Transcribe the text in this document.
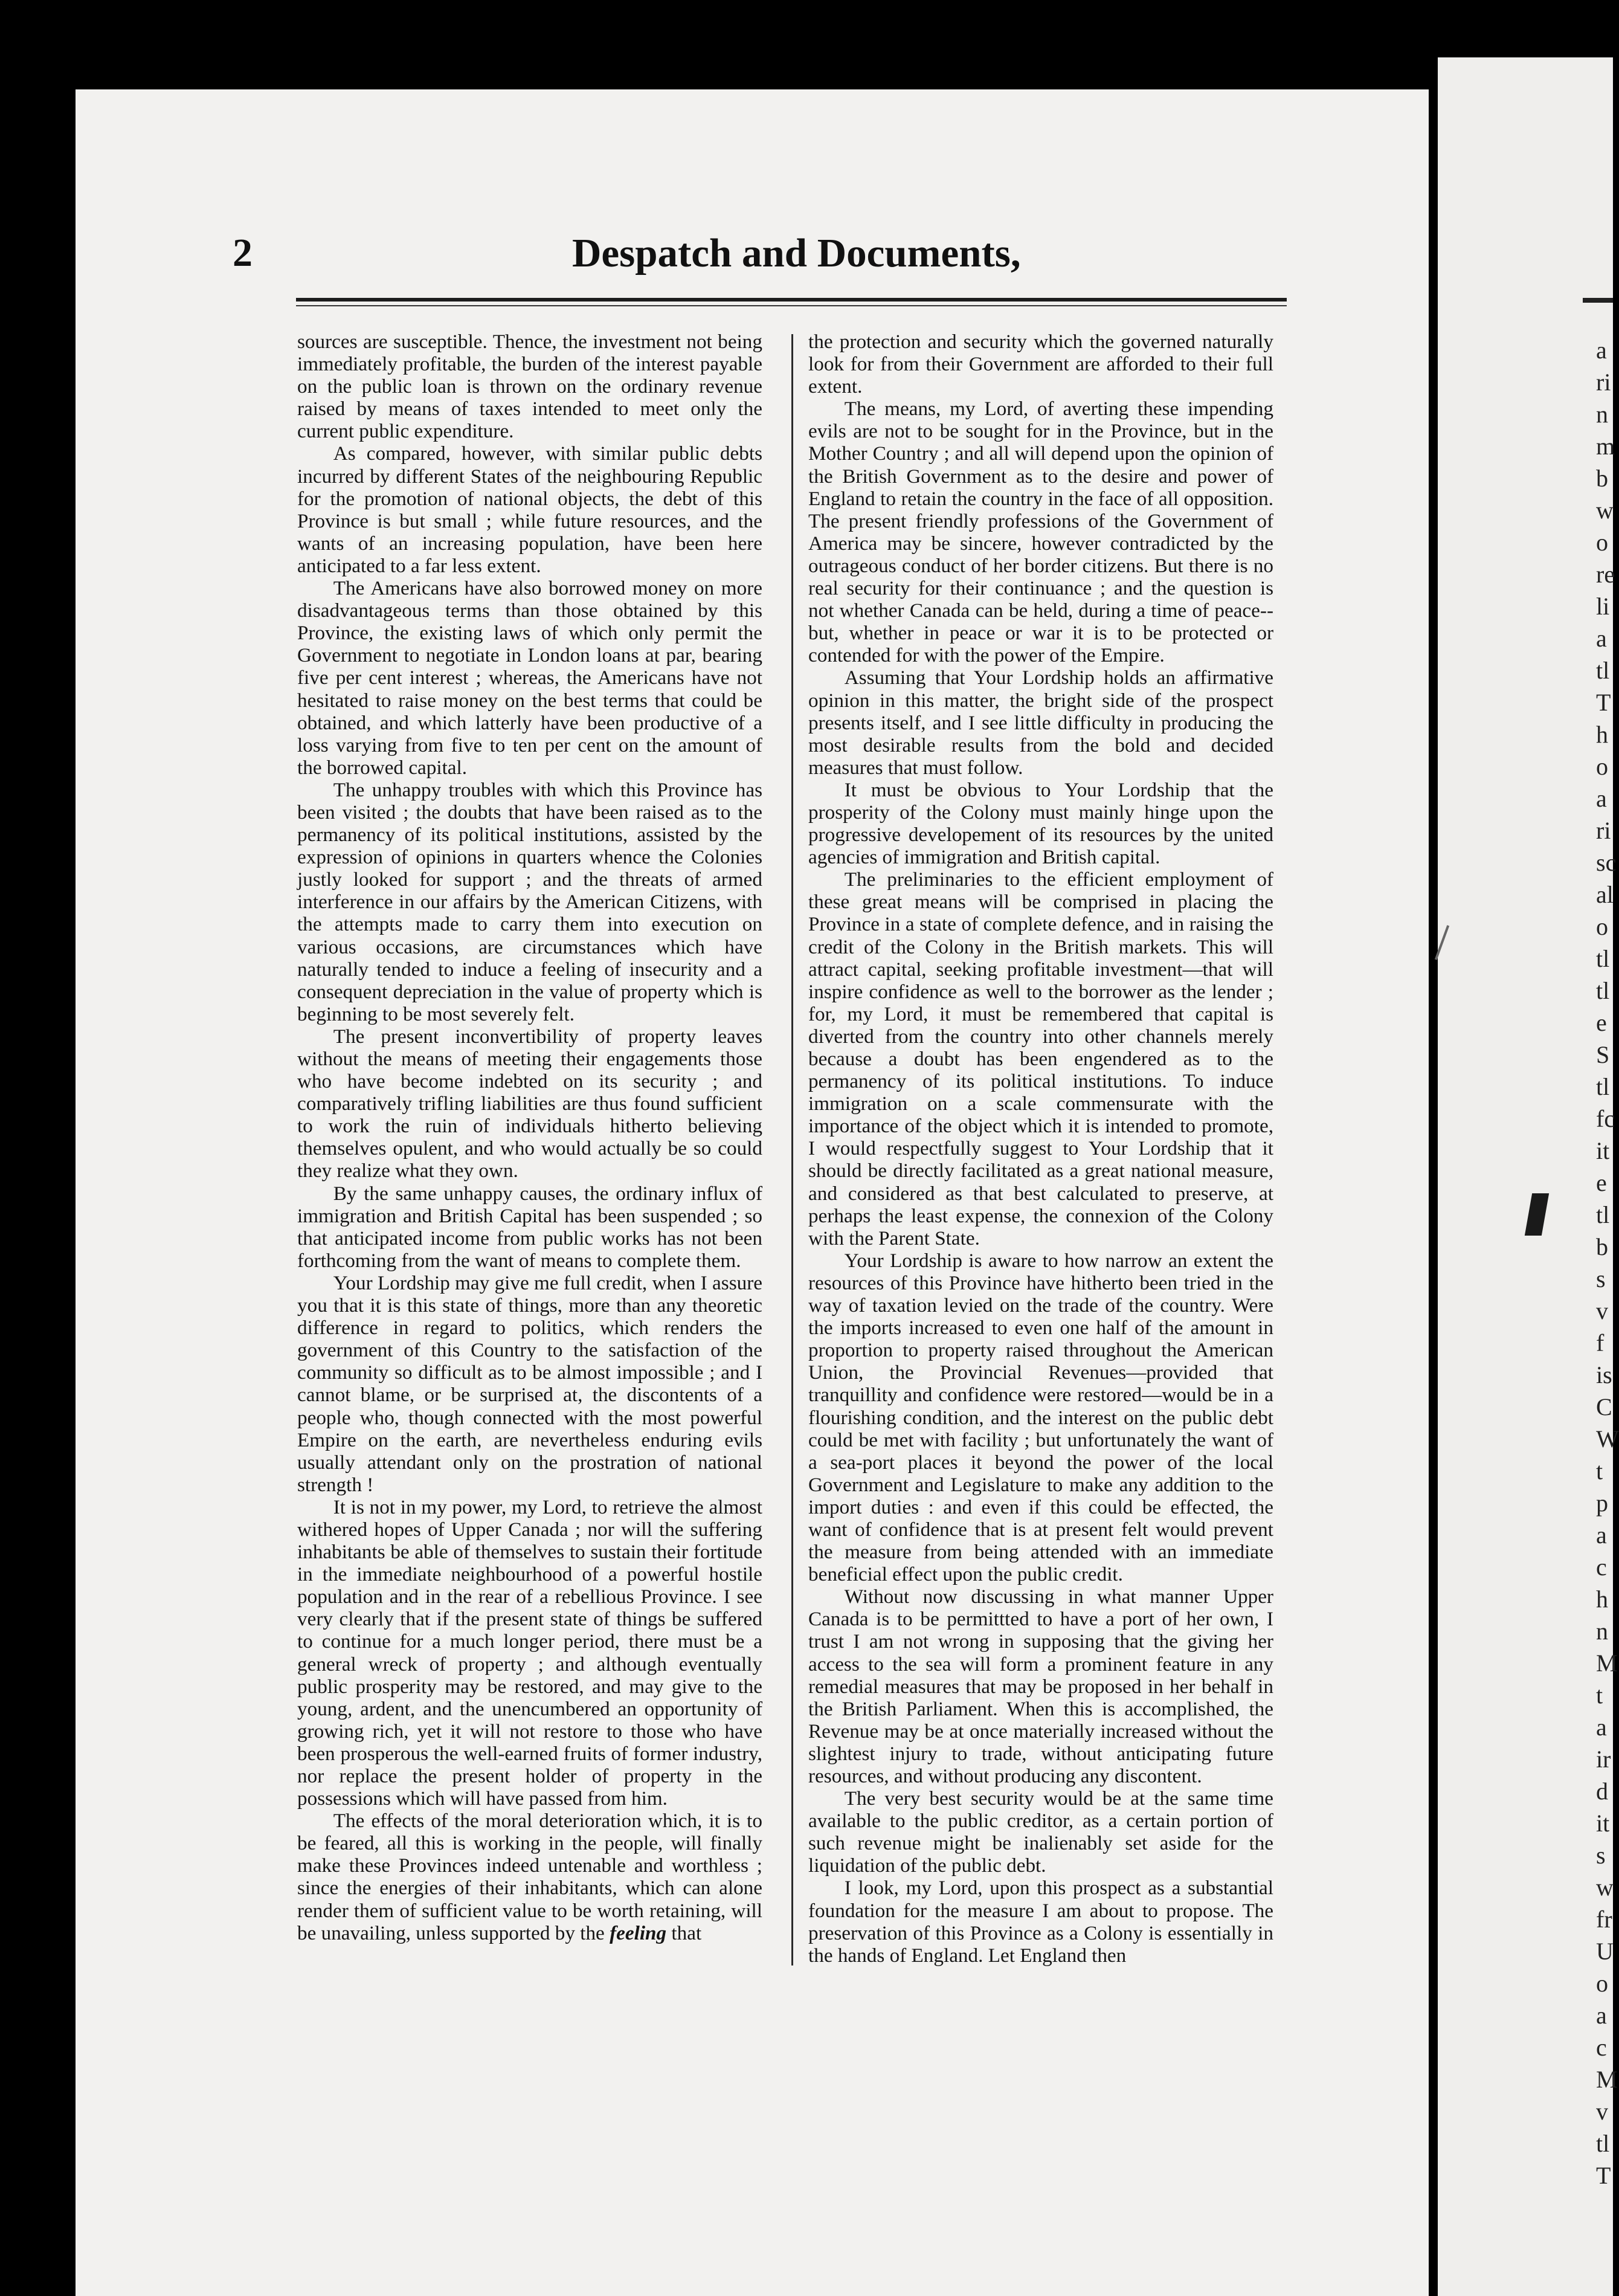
a
ri
n
m
b
w
o
re
li
a
tl
T
h
o
a
ri
sc
al
o
tl
tl
e
S
tl
fc
it
e
tl
b
s
v
f
is
C
W
t
p
a
c
h
n
M
t
a
ir
d
it
s
w
fr
U
o
a
c
M
v
tl
T
2	Despatch and Documents,

sources are susceptible. Thence, the investment not being immediately profitable, the burden of the interest payable on the public loan is thrown on the ordinary revenue raised by means of taxes intended to meet only the current public expenditure.

As compared, however, with similar public debts incurred by different States of the neighbouring Republic for the promotion of national objects, the debt of this Province is but small ; while future resources, and the wants of an increasing population, have been here anticipated to a far less extent.

The Americans have also borrowed money on more disadvantageous terms than those obtained by this Province, the existing laws of which only permit the Government to negotiate in London loans at par, bearing five per cent interest ; whereas, the Americans have not hesitated to raise money on the best terms that could be obtained, and which latterly have been productive of a loss varying from five to ten per cent on the amount of the borrowed capital.

The unhappy troubles with which this Province has been visited ; the doubts that have been raised as to the permanency of its political institutions, assisted by the expression of opinions in quarters whence the Colonies justly looked for support ; and the threats of armed interference in our affairs by the American Citizens, with the attempts made to carry them into execution on various occasions, are circumstances which have naturally tended to induce a feeling of insecurity and a consequent depreciation in the value of property which is beginning to be most severely felt.

The present inconvertibility of property leaves without the means of meeting their engagements those who have become indebted on its security ; and comparatively trifling liabilities are thus found sufficient to work the ruin of individuals hitherto believing themselves opulent, and who would actually be so could they realize what they own.

By the same unhappy causes, the ordinary influx of immigration and British Capital has been suspended ; so that anticipated income from public works has not been forthcoming from the want of means to complete them.

Your Lordship may give me full credit, when I assure you that it is this state of things, more than any theoretic difference in regard to politics, which renders the government of this Country to the satisfaction of the community so difficult as to be almost impossible ; and I cannot blame, or be surprised at, the discontents of a people who, though connected with the most powerful Empire on the earth, are nevertheless enduring evils usually attendant only on the prostration of national strength !

It is not in my power, my Lord, to retrieve the almost withered hopes of Upper Canada ; nor will the suffering inhabitants be able of themselves to sustain their fortitude in the immediate neighbourhood of a powerful hostile population and in the rear of a rebellious Province. I see very clearly that if the present state of things be suffered to continue for a much longer period, there must be a general wreck of property ; and although eventually public prosperity may be restored, and may give to the young, ardent, and the unencumbered an opportunity of growing rich, yet it will not restore to those who have been prosperous the well-earned fruits of former industry, nor replace the present holder of property in the possessions which will have passed from him.

The effects of the moral deterioration which, it is to be feared, all this is working in the people, will finally make these Provinces indeed untenable and worthless ; since the energies of their inhabitants, which can alone render them of sufficient value to be worth retaining, will be unavailing, unless supported by the feeling that

the protection and security which the governed naturally look for from their Government are afforded to their full extent.

The means, my Lord, of averting these impending evils are not to be sought for in the Province, but in the Mother Country ; and all will depend upon the opinion of the British Government as to the desire and power of England to retain the country in the face of all opposition. The present friendly professions of the Government of America may be sincere, however contradicted by the outrageous conduct of her border citizens. But there is no real security for their continuance ; and the question is not whether Canada can be held, during a time of peace--but, whether in peace or war it is to be protected or contended for with the power of the Empire.

Assuming that Your Lordship holds an affirmative opinion in this matter, the bright side of the prospect presents itself, and I see little difficulty in producing the most desirable results from the bold and decided measures that must follow.

It must be obvious to Your Lordship that the prosperity of the Colony must mainly hinge upon the progressive developement of its resources by the united agencies of immigration and British capital.

The preliminaries to the efficient employment of these great means will be comprised in placing the Province in a state of complete defence, and in raising the credit of the Colony in the British markets. This will attract capital, seeking profitable investment—that will inspire confidence as well to the borrower as the lender ; for, my Lord, it must be remembered that capital is diverted from the country into other channels merely because a doubt has been engendered as to the permanency of its political institutions. To induce immigration on a scale commensurate with the importance of the object which it is intended to promote, I would respectfully suggest to Your Lordship that it should be directly facilitated as a great national measure, and considered as that best calculated to preserve, at perhaps the least expense, the connexion of the Colony with the Parent State.

Your Lordship is aware to how narrow an extent the resources of this Province have hitherto been tried in the way of taxation levied on the trade of the country. Were the imports increased to even one half of the amount in proportion to property raised throughout the American Union, the Provincial Revenues—provided that tranquillity and confidence were restored—would be in a flourishing condition, and the interest on the public debt could be met with facility ; but unfortunately the want of a sea-port places it beyond the power of the local Government and Legislature to make any addition to the import duties : and even if this could be effected, the want of confidence that is at present felt would prevent the measure from being attended with an immediate beneficial effect upon the public credit.

Without now discussing in what manner Upper Canada is to be permittted to have a port of her own, I trust I am not wrong in supposing that the giving her access to the sea will form a prominent feature in any remedial measures that may be proposed in her behalf in the British Parliament. When this is accomplished, the Revenue may be at once materially increased without the slightest injury to trade, without anticipating future resources, and without producing any discontent.

The very best security would be at the same time available to the public creditor, as a certain portion of such revenue might be inalienably set aside for the liquidation of the public debt.

I look, my Lord, upon this prospect as a substantial foundation for the measure I am about to propose. The preservation of this Province as a Colony is essentially in the hands of England. Let England then
